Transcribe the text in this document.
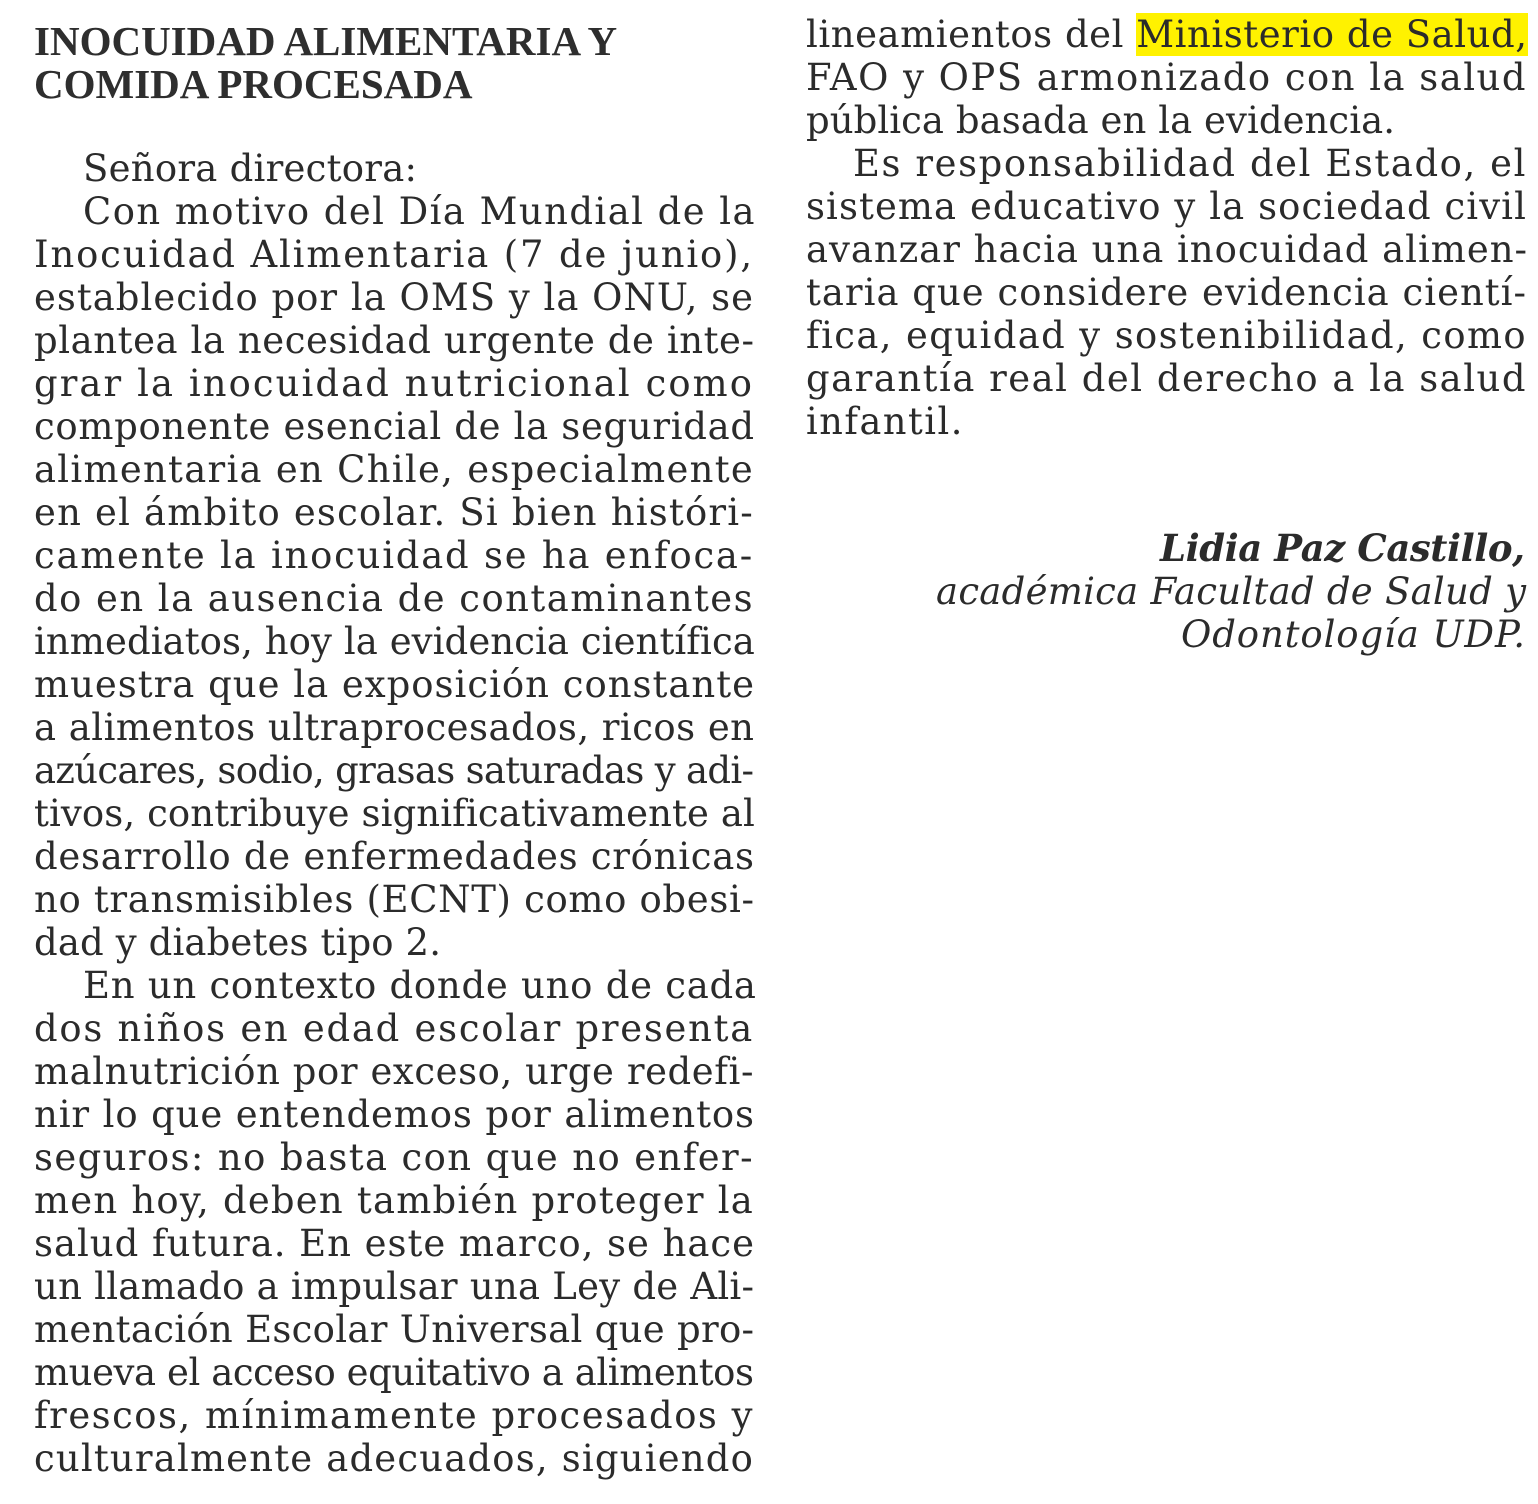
INOCUIDAD ALIMENTARIA Y
COMIDA PROCESADA
Señora directora:
Con motivo del Día Mundial de la
Inocuidad Alimentaria (7 de junio),
establecido por la OMS y la ONU, se
plantea la necesidad urgente de inte-
grar la inocuidad nutricional como
componente esencial de la seguridad
alimentaria en Chile, especialmente
en el ámbito escolar. Si bien históri-
camente la inocuidad se ha enfoca-
do en la ausencia de contaminantes
inmediatos, hoy la evidencia científica
muestra que la exposición constante
a alimentos ultraprocesados, ricos en
azúcares, sodio, grasas saturadas y adi-
tivos, contribuye significativamente al
desarrollo de enfermedades crónicas
no transmisibles (ECNT) como obesi-
dad y diabetes tipo 2.
En un contexto donde uno de cada
dos niños en edad escolar presenta
malnutrición por exceso, urge redefi-
nir lo que entendemos por alimentos
seguros: no basta con que no enfer-
men hoy, deben también proteger la
salud futura. En este marco, se hace
un llamado a impulsar una Ley de Ali-
mentación Escolar Universal que pro-
mueva el acceso equitativo a alimentos
frescos, mínimamente procesados y
culturalmente adecuados, siguiendo
lineamientos del Ministerio de Salud,
FAO y OPS armonizado con la salud
pública basada en la evidencia.
Es responsabilidad del Estado, el
sistema educativo y la sociedad civil
avanzar hacia una inocuidad alimen-
taria que considere evidencia cientí-
fica, equidad y sostenibilidad, como
garantía real del derecho a la salud
infantil.
Lidia Paz Castillo,
académica Facultad de Salud y
Odontología UDP.
